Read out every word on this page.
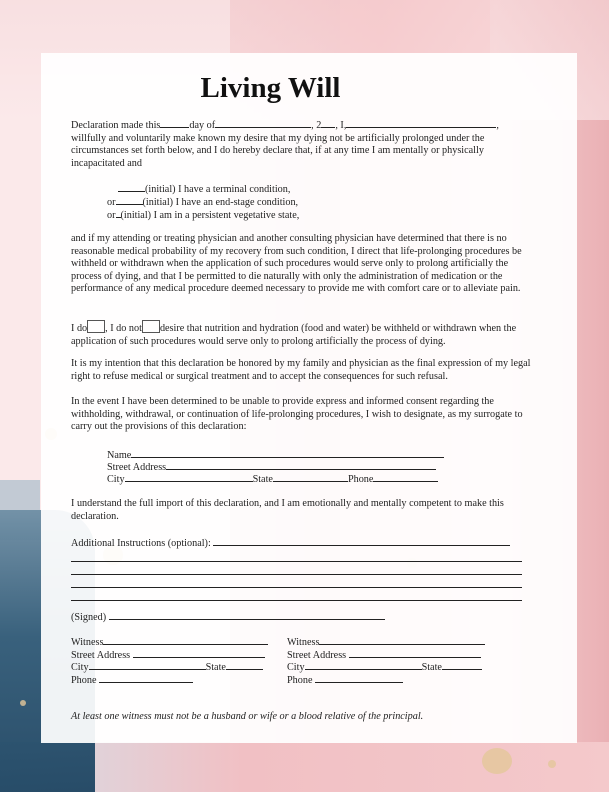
Living Will

Declaration made this	day of	, 2 , I,	, willfully and voluntarily make known my desire that my dying not be artificially prolonged under the circumstances set forth below, and I do hereby declare that, if at any time I am mentally or physically incapacitated and

(initial) I have a terminal condition,
or	(initial) I have an end-stage condition,
or (initial) I am in a persistent vegetative state,

and if my attending or treating physician and another consulting physician have determined that there is no reasonable medical probability of my recovery from such condition, I direct that life-prolonging procedures be withheld or withdrawn when the application of such procedures would serve only to prolong artificially the process of dying, and that I be permitted to die naturally with only the administration of medication or the performance of any medical procedure deemed necessary to provide me with comfort care or to alleviate pain.

I do , I do not desire that nutrition and hydration (food and water) be withheld or withdrawn when the application of such procedures would serve only to prolong artificially the process of dying.

It is my intention that this declaration be honored by my family and physician as the final expression of my legal right to refuse medical or surgical treatment and to accept the consequences for such refusal.

In the event I have been determined to be unable to provide express and informed consent regarding the withholding, withdrawal, or continuation of life-prolonging procedures, I wish to designate, as my surrogate to carry out the provisions of this declaration:

Name
Street Address
City	State	Phone

I understand the full import of this declaration, and I am emotionally and mentally competent to make this declaration.

Additional Instructions (optional):
(Signed)
Witness
Street Address
City	State
Phone
Witness
Street Address
City	State
Phone
At least one witness must not be a husband or wife or a blood relative of the principal.
